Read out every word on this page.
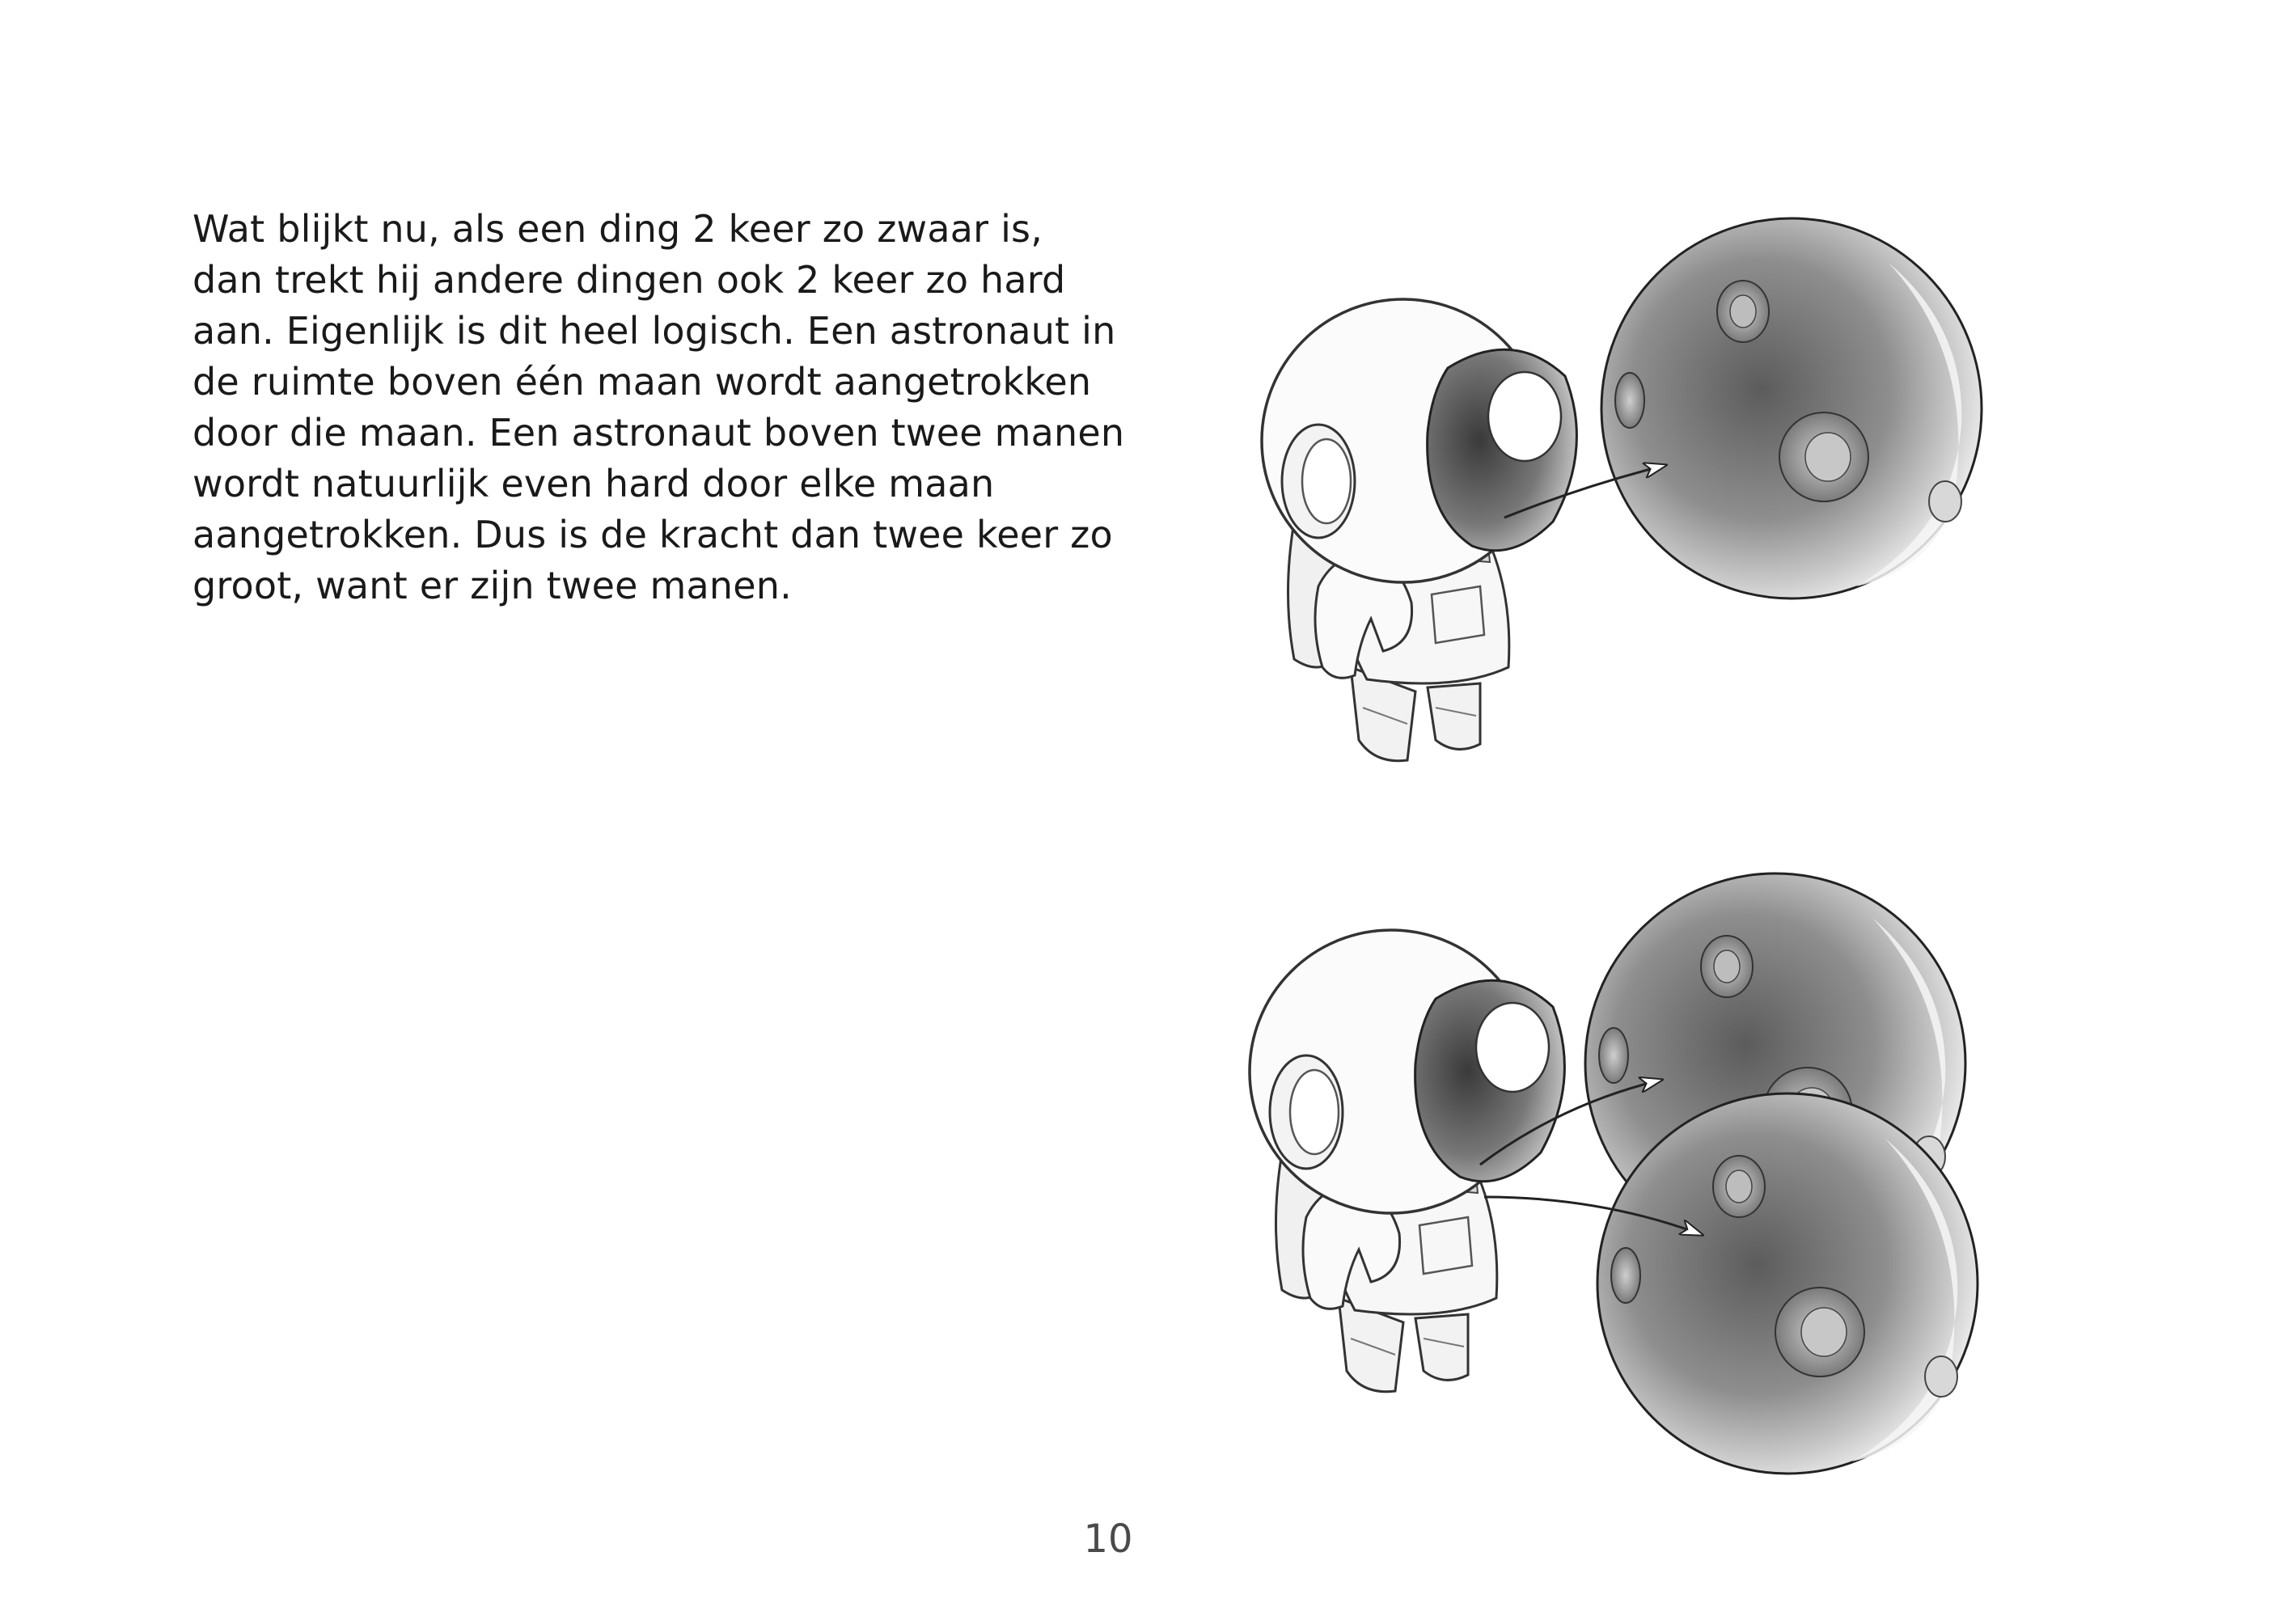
Wat blijkt nu, als een ding 2 keer zo zwaar is,
dan trekt hij andere dingen ook 2 keer zo hard
aan. Eigenlijk is dit heel logisch. Een astronaut in
de ruimte boven één maan wordt aangetrokken
door die maan. Een astronaut boven twee manen
wordt natuurlijk even hard door elke maan
aangetrokken. Dus is de kracht dan twee keer zo
groot, want er zijn twee manen.
10
